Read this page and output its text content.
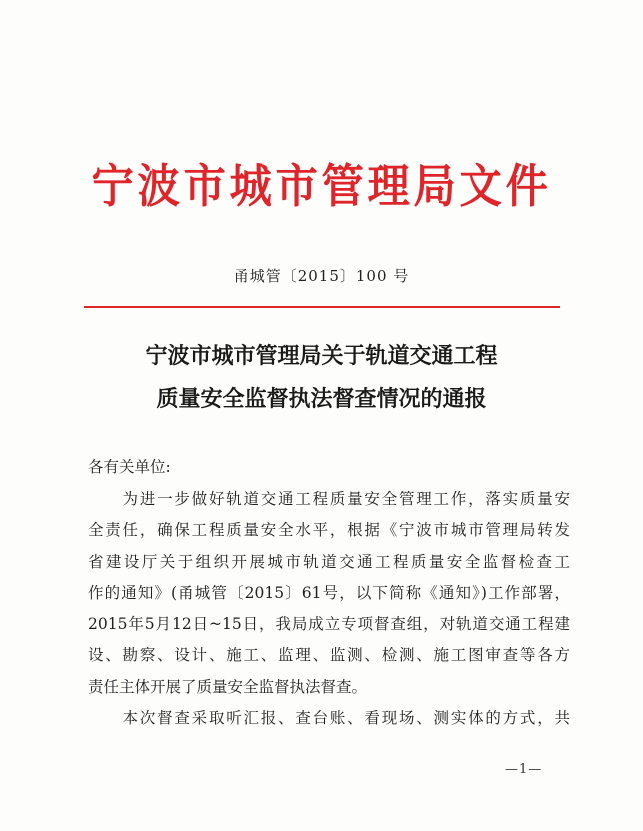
宁波市城市管理局文件
甬城管〔2015〕100 号
宁波市城市管理局关于轨道交通工程
质量安全监督执法督查情况的通报
各有关单位:

　　为进一步做好轨道交通工程质量安全管理工作，落实质量安

全责任，确保工程质量安全水平，根据《宁波市城市管理局转发

省建设厅关于组织开展城市轨道交通工程质量安全监督检查工

作的通知》(甬城管〔2015〕61号，以下简称《通知》)工作部署，

2015年5月12日~15日，我局成立专项督查组，对轨道交通工程建

设、勘察、设计、施工、监理、监测、检测、施工图审查等各方

责任主体开展了质量安全监督执法督查。

　　本次督查采取听汇报、查台账、看现场、测实体的方式，共

—1—
